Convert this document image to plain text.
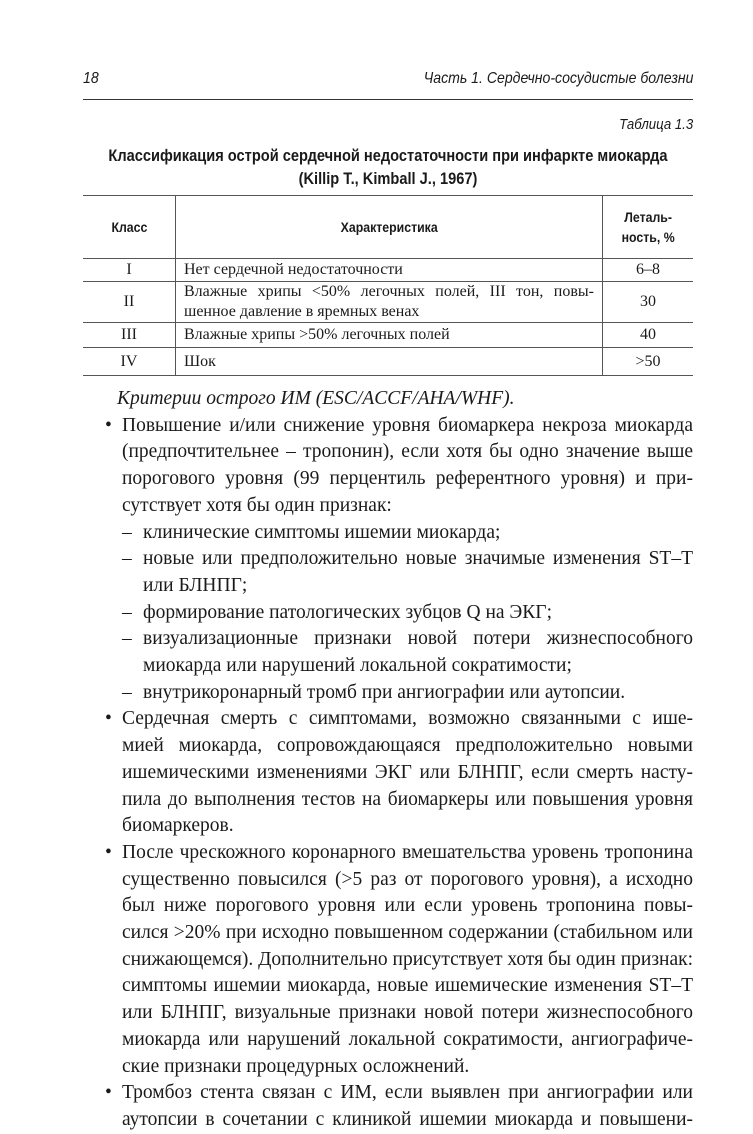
18	Часть 1. Сердечно-сосудистые болезни
Таблица 1.3
Классификация острой сердечной недостаточности при инфаркте миокарда
(Killip T., Kimball J., 1967)
Класс	Характеристика	Леталь-
ность, %
I	Нет сердечной недостаточности	6–8
II	Влажные хрипы <50% легочных полей, III тон, повы-
шенное давление в яремных венах	30
III	Влажные хрипы >50% легочных полей	40
IV	Шок	>50
Критерии острого ИМ (ESC/ACCF/AHA/WHF).
• Повышение и/или снижение уровня биомаркера некроза миокарда
(предпочтительнее – тропонин), если хотя бы одно значение выше
порогового уровня (99 перцентиль референтного уровня) и при-
сутствует хотя бы один признак:
– клинические симптомы ишемии миокарда;
– новые или предположительно новые значимые изменения ST–T
или БЛНПГ;
– формирование патологических зубцов Q на ЭКГ;
– визуализационные признаки новой потери жизнеспособного
миокарда или нарушений локальной сократимости;
– внутрикоронарный тромб при ангиографии или аутопсии.
• Сердечная смерть с симптомами, возможно связанными с ише-
мией миокарда, сопровождающаяся предположительно новыми
ишемическими изменениями ЭКГ или БЛНПГ, если смерть насту-
пила до выполнения тестов на биомаркеры или повышения уровня
биомаркеров.
• После чрескожного коронарного вмешательства уровень тропонина
существенно повысился (>5 раз от порогового уровня), а исходно
был ниже порогового уровня или если уровень тропонина повы-
сился >20% при исходно повышенном содержании (стабильном или
снижающемся). Дополнительно присутствует хотя бы один признак:
симптомы ишемии миокарда, новые ишемические изменения ST–T
или БЛНПГ, визуальные признаки новой потери жизнеспособного
миокарда или нарушений локальной сократимости, ангиографиче-
ские признаки процедурных осложнений.
• Тромбоз стента связан с ИМ, если выявлен при ангиографии или
аутопсии в сочетании с клиникой ишемии миокарда и повышени-
